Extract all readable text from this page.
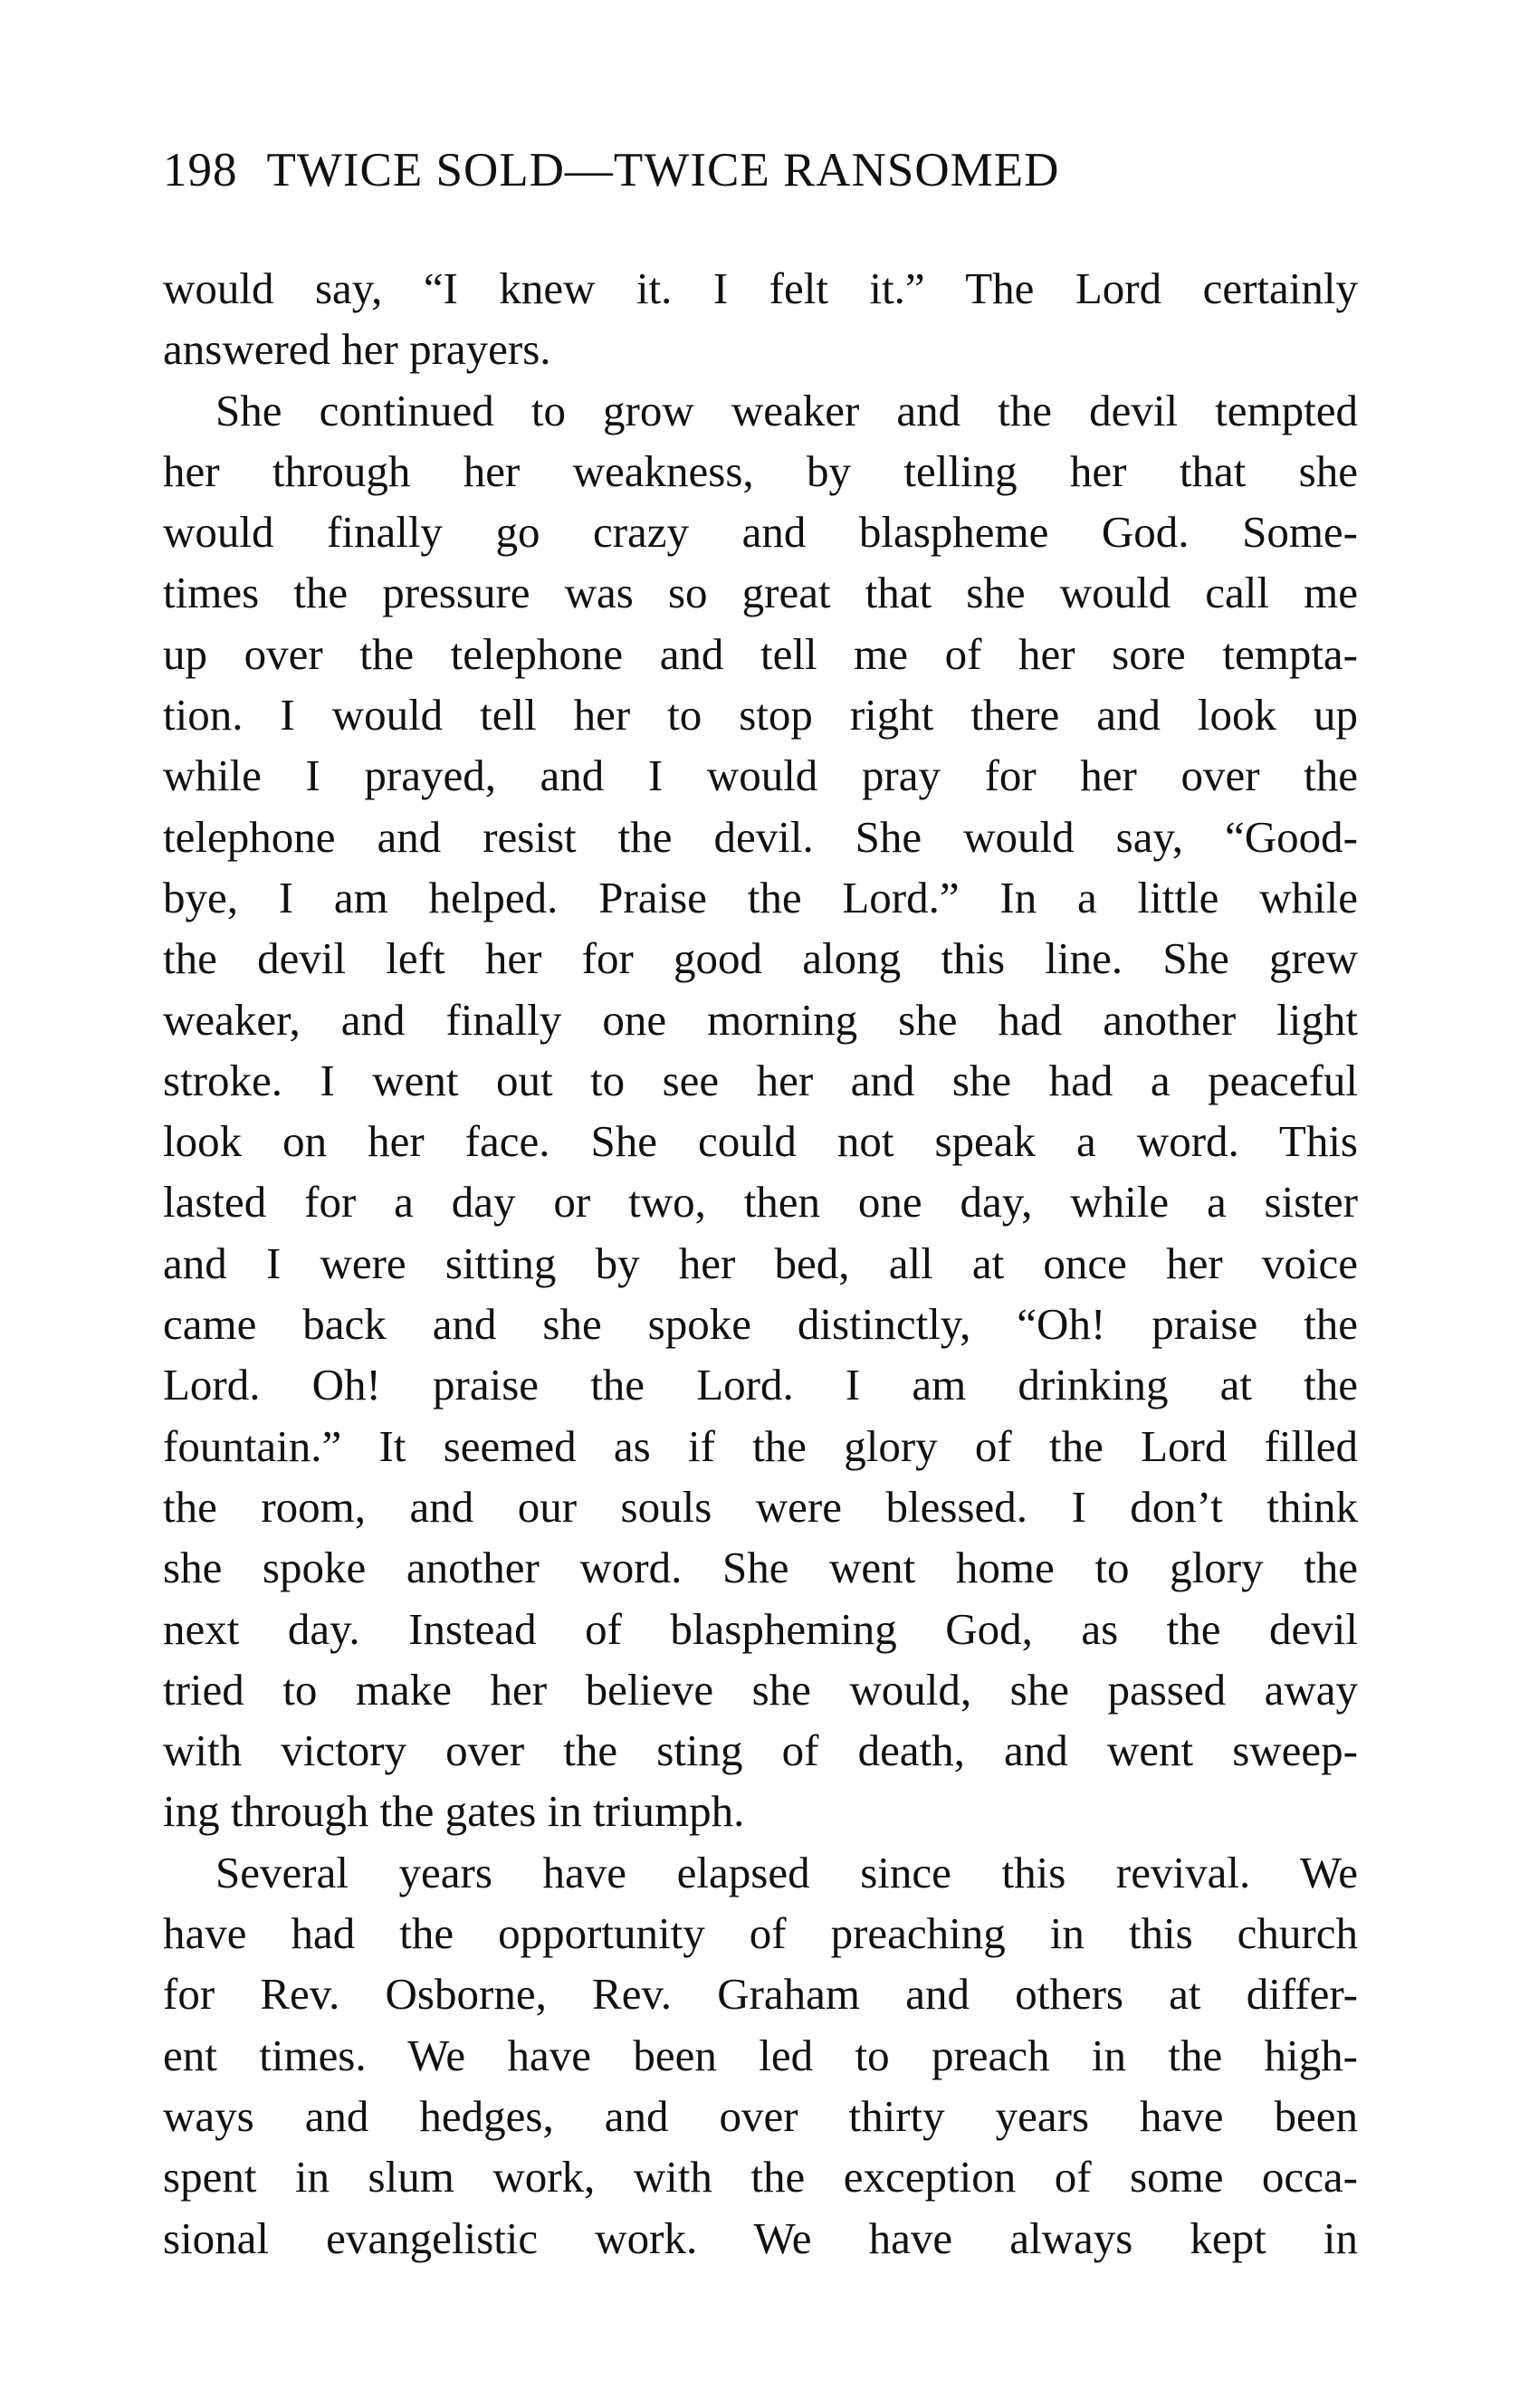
198 TWICE SOLD—TWICE RANSOMED
would say, “I knew it. I felt it.” The Lord certainly
answered her prayers.
She continued to grow weaker and the devil tempted
her through her weakness, by telling her that she
would finally go crazy and blaspheme God. Some-
times the pressure was so great that she would call me
up over the telephone and tell me of her sore tempta-
tion. I would tell her to stop right there and look up
while I prayed, and I would pray for her over the
telephone and resist the devil. She would say, “Good-
bye, I am helped. Praise the Lord.” In a little while
the devil left her for good along this line. She grew
weaker, and finally one morning she had another light
stroke. I went out to see her and she had a peaceful
look on her face. She could not speak a word. This
lasted for a day or two, then one day, while a sister
and I were sitting by her bed, all at once her voice
came back and she spoke distinctly, “Oh! praise the
Lord. Oh! praise the Lord. I am drinking at the
fountain.” It seemed as if the glory of the Lord filled
the room, and our souls were blessed. I don’t think
she spoke another word. She went home to glory the
next day. Instead of blaspheming God, as the devil
tried to make her believe she would, she passed away
with victory over the sting of death, and went sweep-
ing through the gates in triumph.
Several years have elapsed since this revival. We
have had the opportunity of preaching in this church
for Rev. Osborne, Rev. Graham and others at differ-
ent times. We have been led to preach in the high-
ways and hedges, and over thirty years have been
spent in slum work, with the exception of some occa-
sional evangelistic work. We have always kept in
